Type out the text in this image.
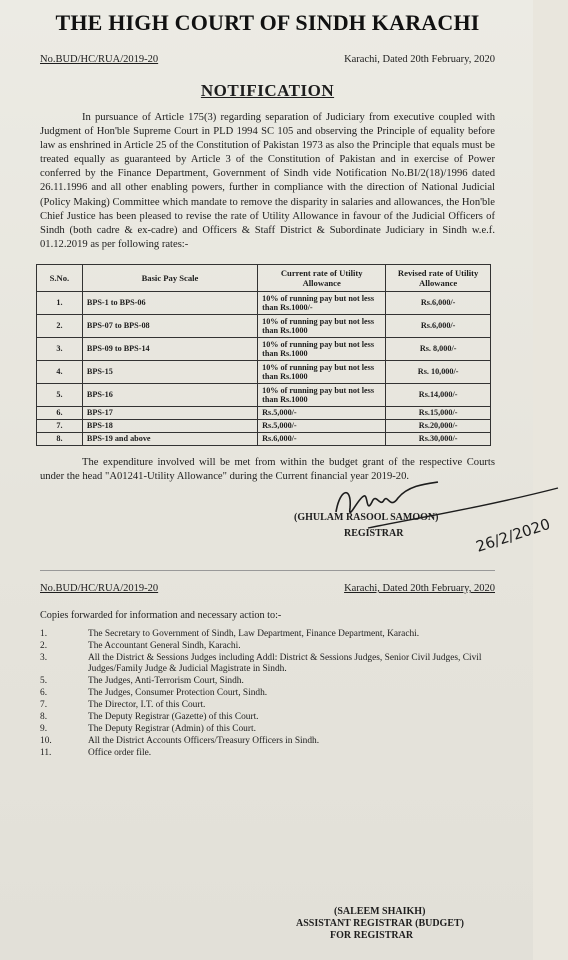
THE HIGH COURT OF SINDH KARACHI
No.BUD/HC/RUA/2019-20	Karachi, Dated 20th February, 2020
NOTIFICATION

In pursuance of Article 175(3) regarding separation of Judiciary from executive coupled with Judgment of Hon'ble Supreme Court in PLD 1994 SC 105 and observing the Principle of equality before law as enshrined in Article 25 of the Constitution of Pakistan 1973 as also the Principle that equals must be treated equally as guaranteed by Article 3 of the Constitution of Pakistan and in exercise of Power conferred by the Finance Department, Government of Sindh vide Notification No.BI/2(18)/1996 dated 26.11.1996 and all other enabling powers, further in compliance with the direction of National Judicial (Policy Making) Committee which mandate to remove the disparity in salaries and allowances, the Hon'ble Chief Justice has been pleased to revise the rate of Utility Allowance in favour of the Judicial Officers of Sindh (both cadre & ex-cadre) and Officers & Staff District & Subordinate Judiciary in Sindh w.e.f. 01.12.2019 as per following rates:-

S.No.	Basic Pay Scale	Current rate of Utility Allowance	Revised rate of Utility Allowance
1.	BPS-1 to BPS-06	10% of running pay but not less than Rs.1000/-	Rs.6,000/-
2.	BPS-07 to BPS-08	10% of running pay but not less than Rs.1000	Rs.6,000/-
3.	BPS-09 to BPS-14	10% of running pay but not less than Rs.1000	Rs. 8,000/-
4.	BPS-15	10% of running pay but not less than Rs.1000	Rs. 10,000/-
5.	BPS-16	10% of running pay but not less than Rs.1000	Rs.14,000/-
6.	BPS-17	Rs.5,000/-	Rs.15,000/-
7.	BPS-18	Rs.5,000/-	Rs.20,000/-
8.	BPS-19 and above	Rs.6,000/-	Rs.30,000/-

The expenditure involved will be met from within the budget grant of the respective Courts under the head "A01241-Utility Allowance" during the Current financial year 2019-20.

26/2/2020
(GHULAM RASOOL SAMOON)
REGISTRAR
No.BUD/HC/RUA/2019-20	Karachi, Dated 20th February, 2020
Copies forwarded for information and necessary action to:-
1.	The Secretary to Government of Sindh, Law Department, Finance Department, Karachi.
2.	The Accountant General Sindh, Karachi.
3.	All the District & Sessions Judges including Addl: District & Sessions Judges, Senior Civil Judges, Civil Judges/Family Judge & Judicial Magistrate in Sindh.
5.	The Judges, Anti-Terrorism Court, Sindh.
6.	The Judges, Consumer Protection Court, Sindh.
7.	The Director, I.T. of this Court.
8.	The Deputy Registrar (Gazette) of this Court.
9.	The Deputy Registrar (Admin) of this Court.
10.	All the District Accounts Officers/Treasury Officers in Sindh.
11.	Office order file.
(SALEEM SHAIKH)
ASSISTANT REGISTRAR (BUDGET)
FOR REGISTRAR
